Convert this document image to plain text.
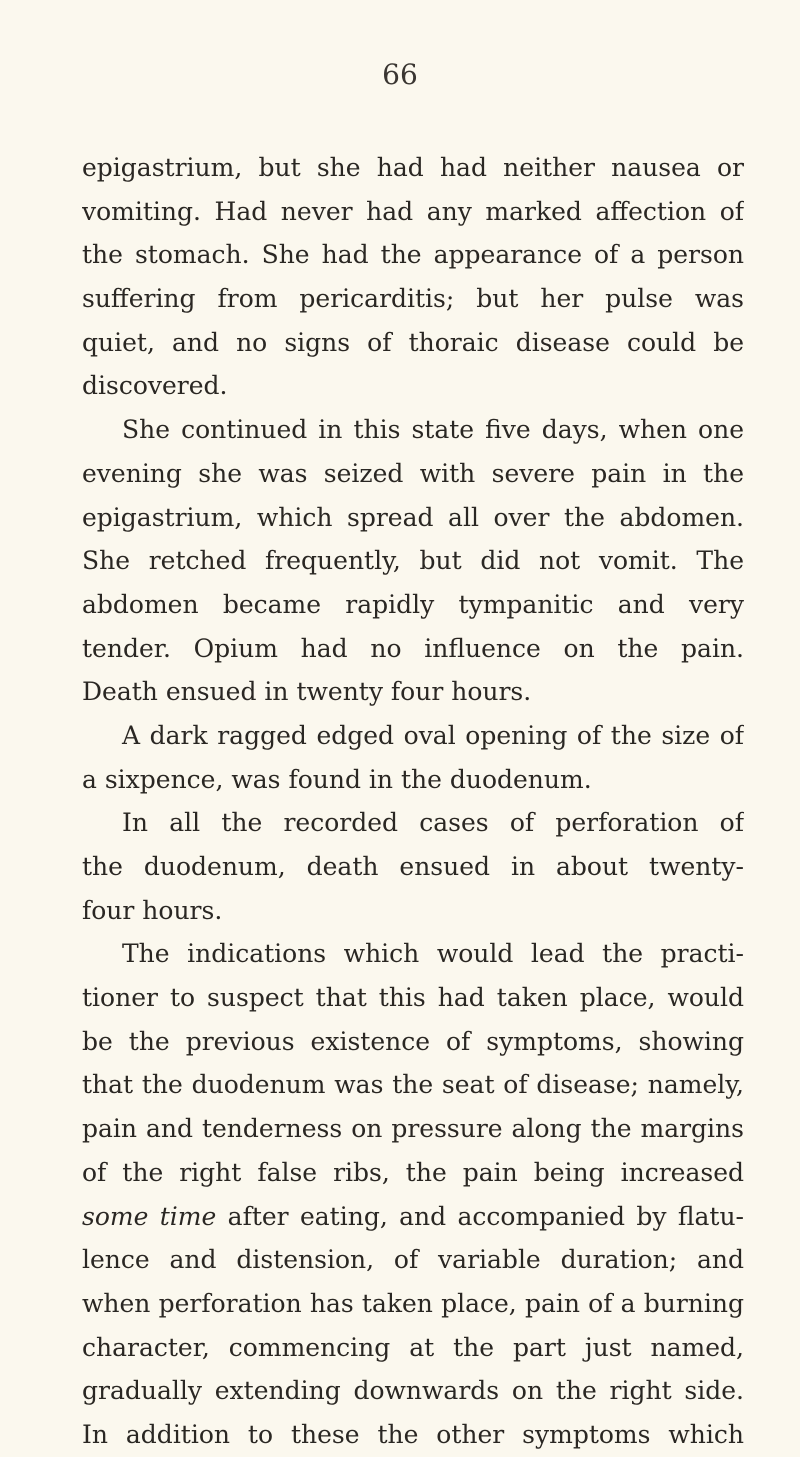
66
epigastrium, but she had had neither nausea or
vomiting. Had never had any marked affection of
the stomach. She had the appearance of a person
suffering from pericarditis; but her pulse was
quiet, and no signs of thoraic disease could be
discovered.
She continued in this state five days, when one
evening she was seized with severe pain in the
epigastrium, which spread all over the abdomen.
She retched frequently, but did not vomit. The
abdomen became rapidly tympanitic and very
tender. Opium had no influence on the pain.
Death ensued in twenty four hours.
A dark ragged edged oval opening of the size of
a sixpence, was found in the duodenum.
In all the recorded cases of perforation of
the duodenum, death ensued in about twenty-
four hours.
The indications which would lead the practi-
tioner to suspect that this had taken place, would
be the previous existence of symptoms, showing
that the duodenum was the seat of disease; namely,
pain and tenderness on pressure along the margins
of the right false ribs, the pain being increased
some time after eating, and accompanied by flatu-
lence and distension, of variable duration; and
when perforation has taken place, pain of a burning
character, commencing at the part just named,
gradually extending downwards on the right side.
In addition to these the other symptoms which
